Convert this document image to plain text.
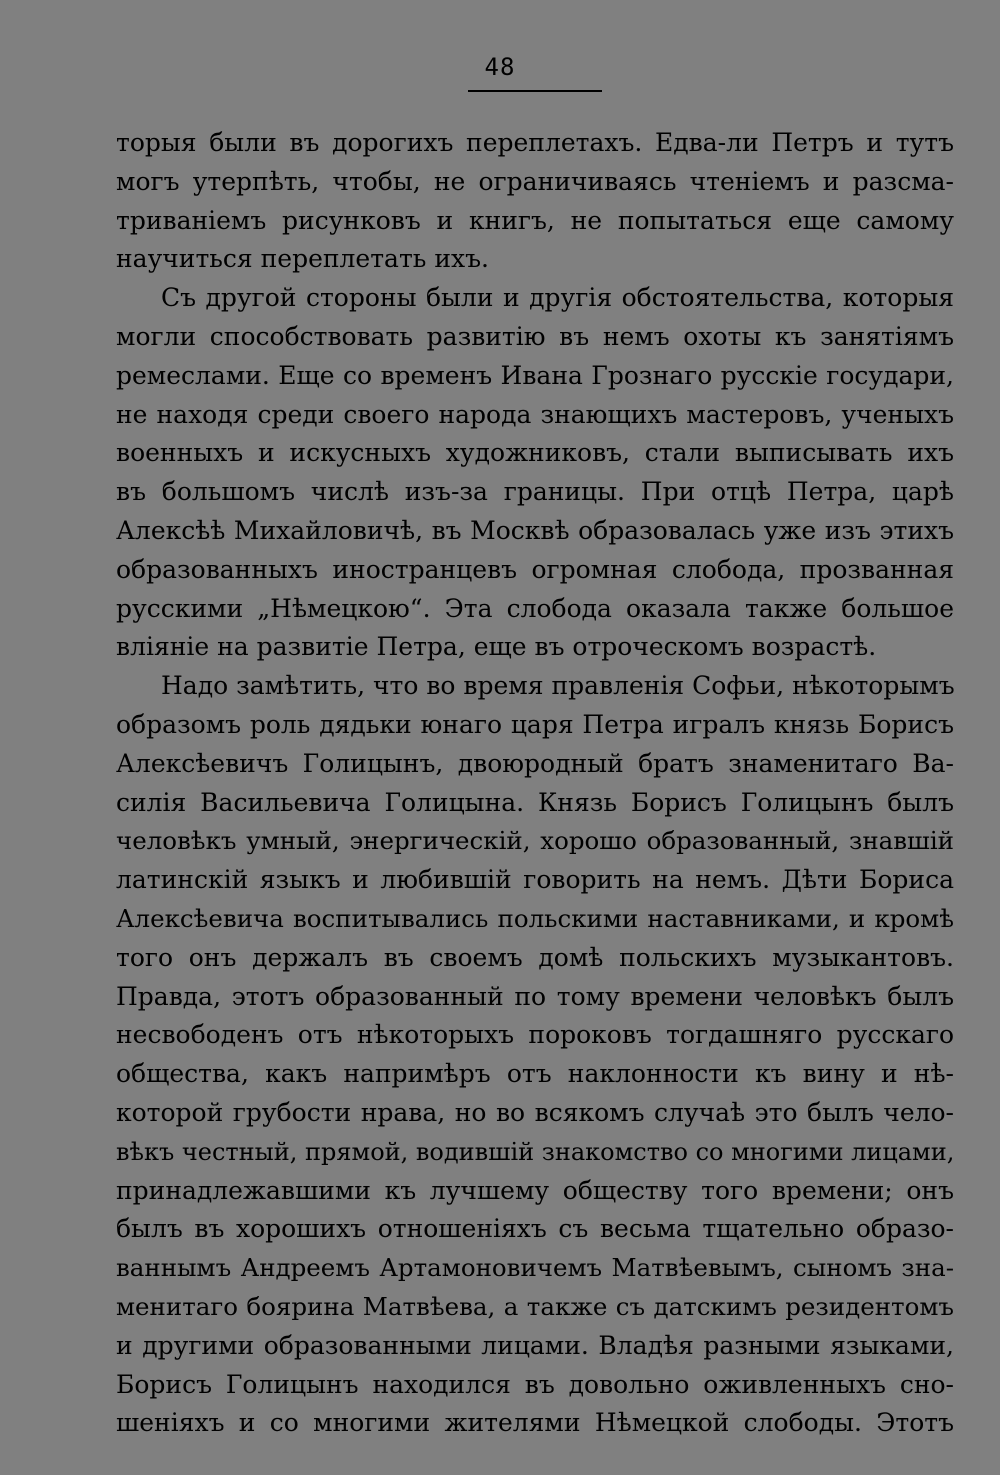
48
торыя были въ дорогихъ переплетахъ. Едва-ли Петръ и тутъ
могъ утерпѣть, чтобы, не ограничиваясь чтеніемъ и разсма-
триваніемъ рисунковъ и книгъ, не попытаться еще самому
научиться переплетать ихъ.
Съ другой стороны были и другія обстоятельства, которыя
могли способствовать развитію въ немъ охоты къ занятіямъ
ремеслами. Еще со временъ Ивана Грознаго русскіе государи,
не находя среди своего народа знающихъ мастеровъ, ученыхъ
военныхъ и искусныхъ художниковъ, стали выписывать ихъ
въ большомъ числѣ изъ-за границы. При отцѣ Петра, царѣ
Алексѣѣ Михайловичѣ, въ Москвѣ образовалась уже изъ этихъ
образованныхъ иностранцевъ огромная слобода, прозванная
русскими „Нѣмецкою“. Эта слобода оказала также большое
вліяніе на развитіе Петра, еще въ отроческомъ возрастѣ.
Надо замѣтить, что во время правленія Софьи, нѣкоторымъ
образомъ роль дядьки юнаго царя Петра игралъ князь Борисъ
Алексѣевичъ Голицынъ, двоюродный братъ знаменитаго Ва-
силія Васильевича Голицына. Князь Борисъ Голицынъ былъ
человѣкъ умный, энергическій, хорошо образованный, знавшій
латинскій языкъ и любившій говорить на немъ. Дѣти Бориса
Алексѣевича воспитывались польскими наставниками, и кромѣ
того онъ держалъ въ своемъ домѣ польскихъ музыкантовъ.
Правда, этотъ образованный по тому времени человѣкъ былъ
несвободенъ отъ нѣкоторыхъ пороковъ тогдашняго русскаго
общества, какъ напримѣръ отъ наклонности къ вину и нѣ-
которой грубости нрава, но во всякомъ случаѣ это былъ чело-
вѣкъ честный, прямой, водившій знакомство со многими лицами,
принадлежавшими къ лучшему обществу того времени; онъ
былъ въ хорошихъ отношеніяхъ съ весьма тщательно образо-
ваннымъ Андреемъ Артамоновичемъ Матвѣевымъ, сыномъ зна-
менитаго боярина Матвѣева, а также съ датскимъ резидентомъ
и другими образованными лицами. Владѣя разными языками,
Борисъ Голицынъ находился въ довольно оживленныхъ сно-
шеніяхъ и со многими жителями Нѣмецкой слободы. Этотъ
